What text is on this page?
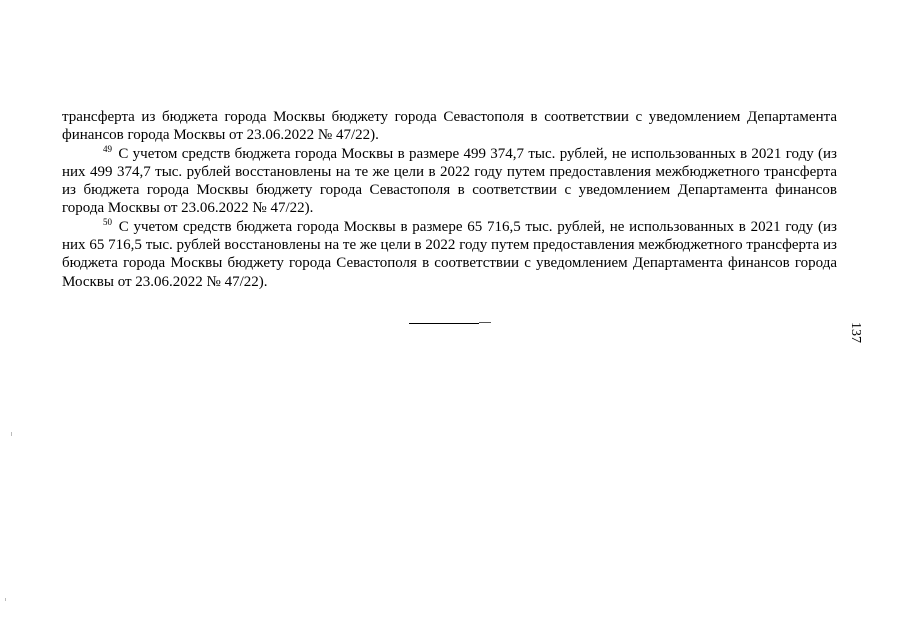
трансферта из бюджета города Москвы бюджету города Севастополя в соответствии с уведомлением Департамента финансов города Москвы от 23.06.2022 № 47/22).

$^{49}$ С учетом средств бюджета города Москвы в размере 499 374,7 тыс. рублей, не использованных в 2021 году (из них 499 374,7 тыс. рублей восстановлены на те же цели в 2022 году путем предоставления межбюджетного трансферта из бюджета города Москвы бюджету города Севастополя в соответствии с уведомлением Департамента финансов города Москвы от 23.06.2022 № 47/22).

$^{50}$ С учетом средств бюджета города Москвы в размере 65 716,5 тыс. рублей, не использованных в 2021 году (из них 65 716,5 тыс. рублей восстановлены на те же цели в 2022 году путем предоставления межбюджетного трансферта из бюджета города Москвы бюджету города Севастополя в соответствии с уведомлением Департамента финансов города Москвы от 23.06.2022 № 47/22).

137
